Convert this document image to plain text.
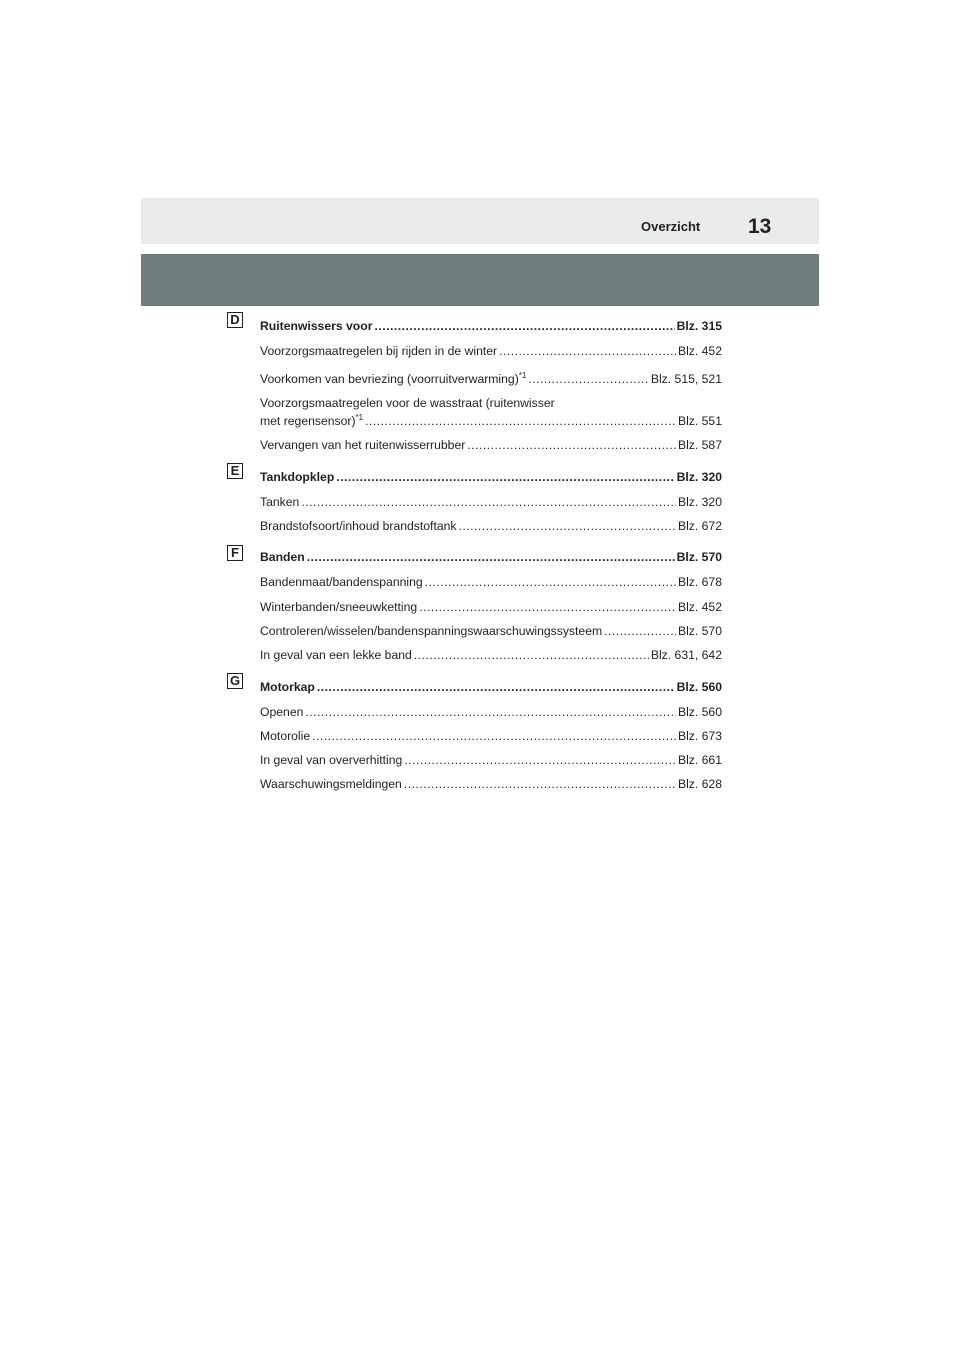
Overzicht 13
D Ruitenwissers voor .....	Blz. 315
Voorzorgsmaatregelen bij rijden in de winter .....	Blz. 452
Voorkomen van bevriezing (voorruitverwarming)$^{*1}$ .....	Blz. 515, 521
Voorzorgsmaatregelen voor de wasstraat (ruitenwisser
met regensensor)$^{*1}$ .....	Blz. 551
Vervangen van het ruitenwisserrubber .....	Blz. 587
E	Tankdopklep .....	Blz. 320
Tanken .....	Blz. 320
Brandstofsoort/inhoud brandstoftank .....	Blz. 672
F	Banden .....	Blz. 570
Bandenmaat/bandenspanning .....	Blz. 678
Winterbanden/sneeuwketting .....	Blz. 452
Controleren/wisselen/bandenspanningswaarschuwingssysteem .....	Blz. 570
In geval van een lekke band .....	Blz. 631, 642
G Motorkap .....	Blz. 560
Openen .....	Blz. 560
Motorolie .....	Blz. 673
In geval van oververhitting .....	Blz. 661
Waarschuwingsmeldingen .....	Blz. 628
